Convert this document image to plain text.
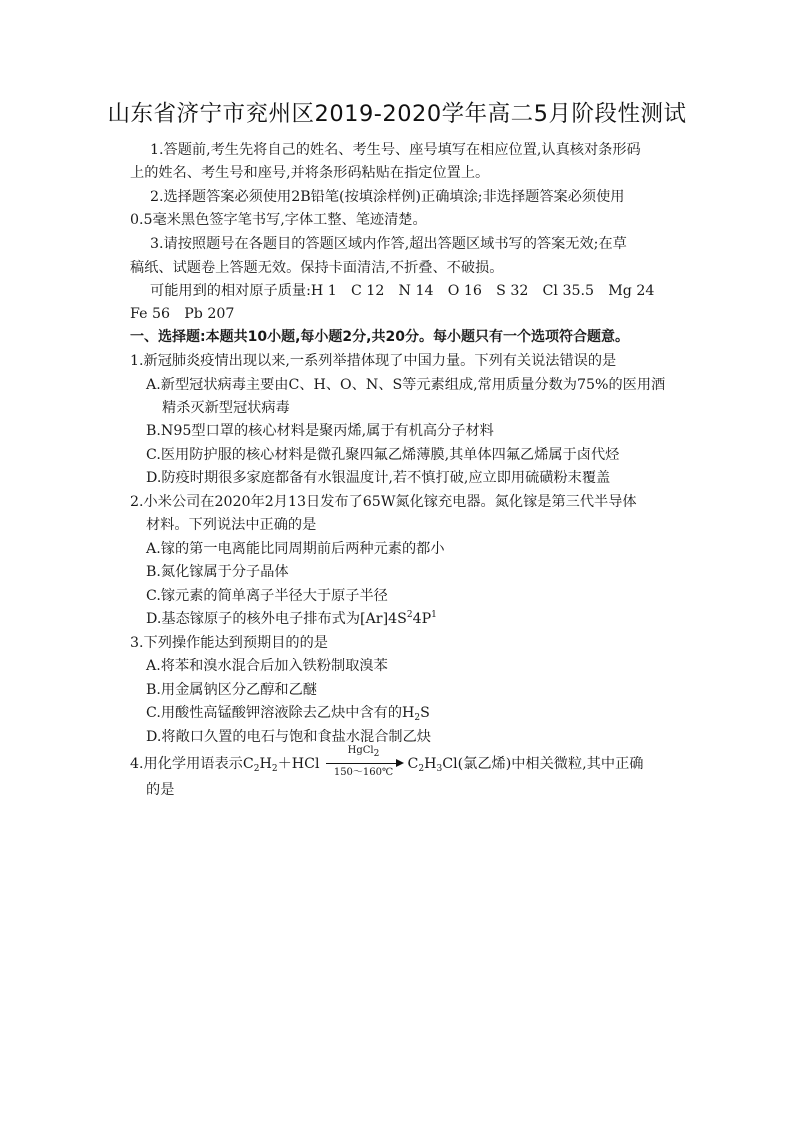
山东省济宁市兖州区2019-2020学年高二5月阶段性测试
1.答题前,考生先将自己的姓名、考生号、座号填写在相应位置,认真核对条形码
上的姓名、考生号和座号,并将条形码粘贴在指定位置上。
2.选择题答案必须使用2B铅笔(按填涂样例)正确填涂;非选择题答案必须使用
0.5毫米黑色签字笔书写,字体工整、笔迹清楚。
3.请按照题号在各题目的答题区域内作答,超出答题区域书写的答案无效;在草
稿纸、试题卷上答题无效。保持卡面清洁,不折叠、不破损。
可能用到的相对原子质量:H 1　C 12　N 14　O 16　S 32　Cl 35.5　Mg 24
Fe 56　Pb 207
一、选择题:本题共10小题,每小题2分,共20分。每小题只有一个选项符合题意。
1.新冠肺炎疫情出现以来,一系列举措体现了中国力量。下列有关说法错误的是
A.新型冠状病毒主要由C、H、O、N、S等元素组成,常用质量分数为75%的医用酒
精杀灭新型冠状病毒
B.N95型口罩的核心材料是聚丙烯,属于有机高分子材料
C.医用防护服的核心材料是微孔聚四氟乙烯薄膜,其单体四氟乙烯属于卤代烃
D.防疫时期很多家庭都备有水银温度计,若不慎打破,应立即用硫磺粉末覆盖
2.小米公司在2020年2月13日发布了65W氮化镓充电器。氮化镓是第三代半导体
材料。下列说法中正确的是
A.镓的第一电离能比同周期前后两种元素的都小
B.氮化镓属于分子晶体
C.镓元素的简单离子半径大于原子半径
D.基态镓原子的核外电子排布式为$[Ar]4S^24P^1$
3.下列操作能达到预期目的的是
A.将苯和溴水混合后加入铁粉制取溴苯
B.用金属钠区分乙醇和乙醚
C.用酸性高锰酸钾溶液除去乙炔中含有的$H_2S$
D.将敞口久置的电石与饱和食盐水混合制乙炔
4.用化学用语表示$C_2H_2+HCl$
HgCl$_2$
150～160℃
$C_2H_3Cl$(氯乙烯)中相关微粒,其中正确
的是
